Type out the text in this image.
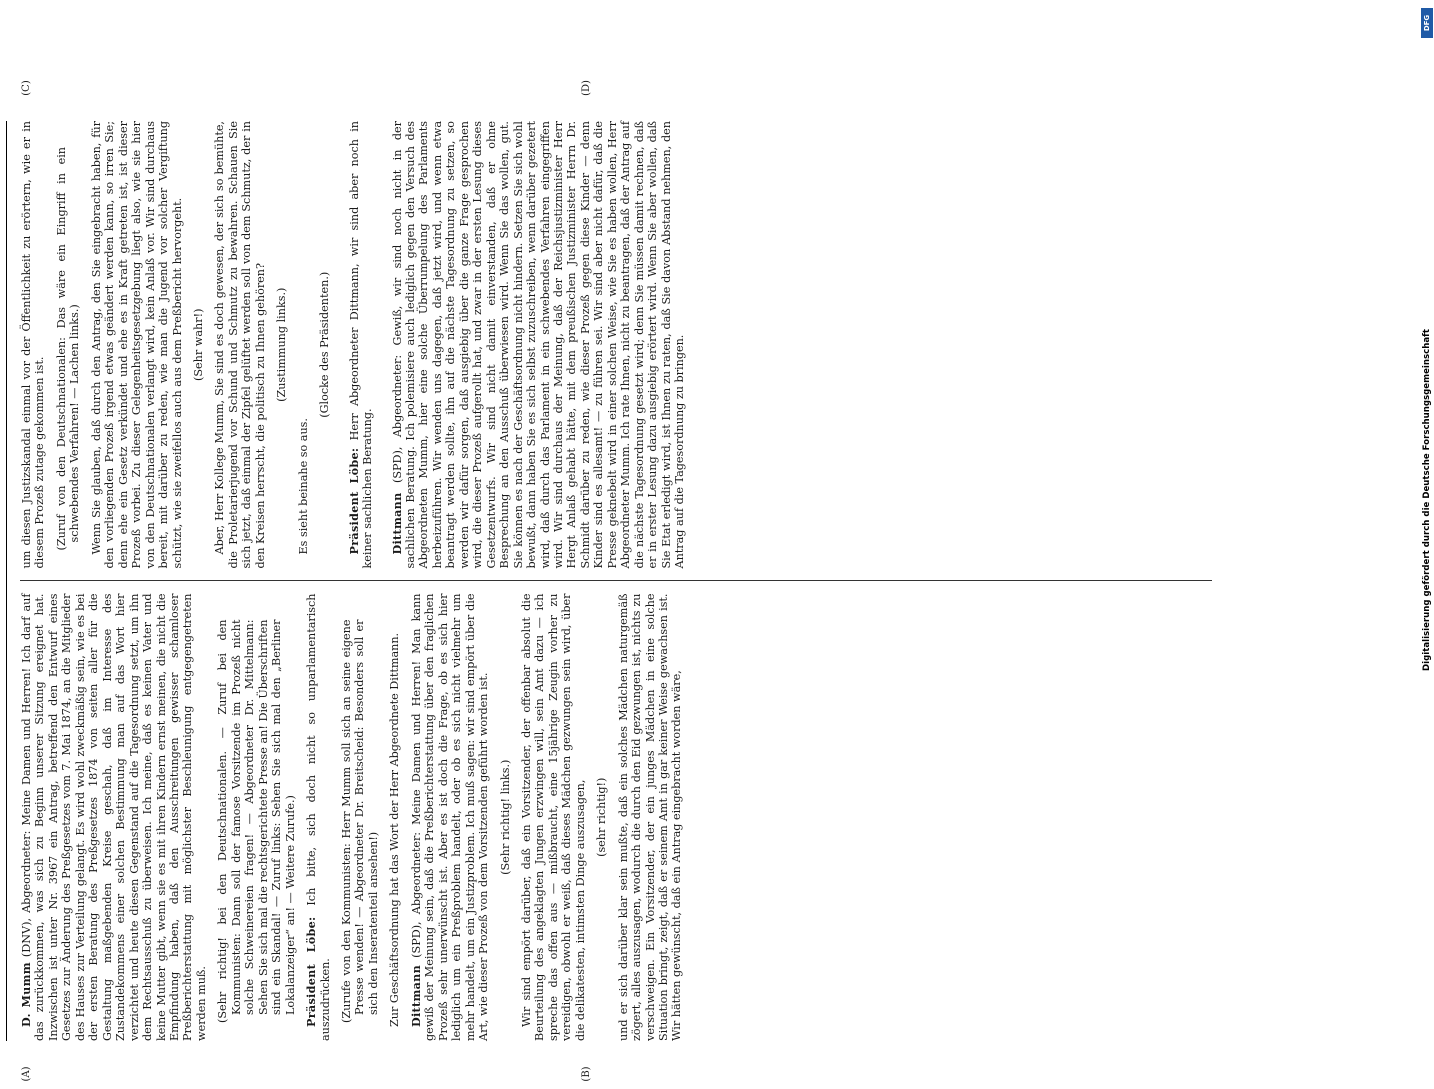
(A)	(B)

D. Mumm (DNV), Abgeordneter: Meine Damen und Herren! Ich darf auf das zurückkommen, was sich zu Beginn unserer Sitzung ereignet hat. Inzwischen ist unter Nr. 3967 ein Antrag, betreffend den Entwurf eines Gesetzes zur Änderung des Preßgesetzes vom 7. Mai 1874, an die Mitglieder des Hauses zur Verteilung gelangt. Es wird wohl zweckmäßig sein, wie es bei der ersten Beratung des Preßgesetzes 1874 von seiten aller für die Gestaltung maßgebenden Kreise geschah, daß im Interesse des Zustandekommens einer solchen Bestimmung man auf das Wort hier verzichtet und heute diesen Gegenstand auf die Tagesordnung setzt, um ihn dem Rechtsausschuß zu überweisen. Ich meine, daß es keinen Vater und keine Mutter gibt, wenn sie es mit ihren Kindern ernst meinen, die nicht die Empfindung haben, daß den Ausschreitungen gewisser schamloser Preßberichterstattung mit möglichster Beschleunigung entgegengetreten werden muß. (Sehr richtig! bei den Deutschnationalen. — Zuruf bei den Kommunisten: Dann soll der famose Vorsitzende im Prozeß nicht solche Schweinereien fragen! — Abgeordneter Dr. Mittelmann: Sehen Sie sich mal die rechtsgerichtete Presse an! Die Überschriften sind ein Skandal! — Zuruf links: Sehen Sie sich mal den „Berliner Lokalanzeiger“ an! — Weitere Zurufe.) Präsident Löbe: Ich bitte, sich doch nicht so unparlamentarisch auszudrücken. (Zurufe von den Kommunisten: Herr Mumm soll sich an seine eigene Presse wenden! — Abgeordneter Dr. Breitscheid: Besonders soll er sich den Inseratenteil ansehen!) Zur Geschäftsordnung hat das Wort der Herr Abgeordnete Dittmann. Dittmann (SPD), Abgeordneter: Meine Damen und Herren! Man kann gewiß der Meinung sein, daß die Preßberichterstattung über den fraglichen Prozeß sehr unerwünscht ist. Aber es ist doch die Frage, ob es sich hier lediglich um ein Preßproblem handelt, oder ob es sich nicht vielmehr um mehr handelt, um ein Justizproblem. Ich muß sagen: wir sind empört über die Art, wie dieser Prozeß von dem Vorsitzenden geführt worden ist. (Sehr richtig! links.) Wir sind empört darüber, daß ein Vorsitzender, der offenbar absolut die Beurteilung des angeklagten Jungen erzwingen will, sein Amt dazu — ich spreche das offen aus — mißbraucht, eine 15jährige Zeugin vorher zu vereidigen, obwohl er weiß, daß dieses Mädchen gezwungen sein wird, über die delikatesten, intimsten Dinge auszusagen, (sehr richtig!) und er sich darüber klar sein mußte, daß ein solches Mädchen naturgemäß zögert, alles auszusagen, wodurch die durch den Eid gezwungen ist, nichts zu verschweigen. Ein Vorsitzender, der ein junges Mädchen in eine solche Situation bringt, zeigt, daß er seinem Amt in gar keiner Weise gewachsen ist. Wir hätten gewünscht, daß ein Antrag eingebracht worden wäre,

(C)	(D)

um diesen Justizskandal einmal vor der Öffentlichkeit zu erörtern, wie er in diesem Prozeß zutage gekommen ist. (Zuruf von den Deutschnationalen: Das wäre ein Eingriff in ein schwebendes Verfahren! — Lachen links.) Wenn Sie glauben, daß durch den Antrag, den Sie eingebracht haben, für den vorliegenden Prozeß irgend etwas geändert werden kann, so irren Sie; denn ehe ein Gesetz verkündet und ehe es in Kraft getreten ist, ist dieser Prozeß vorbei. Zu dieser Gelegenheitsgesetzgebung liegt also, wie sie hier von den Deutschnationalen verlangt wird, kein Anlaß vor. Wir sind durchaus bereit, mit darüber zu reden, wie man die Jugend vor solcher Vergiftung schützt, wie sie zweifellos auch aus dem Preßbericht hervorgeht. (Sehr wahr!) Aber, Herr Kollege Mumm, Sie sind es doch gewesen, der sich so bemühte, die Proletarierjugend vor Schund und Schmutz zu bewahren. Schauen Sie sich jetzt, daß einmal der Zipfel gelüftet werden soll von dem Schmutz, der in den Kreisen herrscht, die politisch zu Ihnen gehören? (Zustimmung links.)

Es sieht beinahe so aus.

(Glocke des Präsidenten.)

Präsident Löbe: Herr Abgeordneter Dittmann, wir sind aber noch in keiner sachlichen Beratung. Dittmann (SPD), Abgeordneter: Gewiß, wir sind noch nicht in der sachlichen Beratung. Ich polemisiere auch lediglich gegen den Versuch des Abgeordneten Mumm, hier eine solche Überrumpelung des Parlaments herbeizuführen. Wir wenden uns dagegen, daß jetzt wird, und wenn etwa beantragt werden sollte, ihn auf die nächste Tagesordnung zu setzen, so werden wir dafür sorgen, daß ausgiebig über die ganze Frage gesprochen wird, die dieser Prozeß aufgerollt hat, und zwar in der ersten Lesung dieses Gesetzentwurfs. Wir sind nicht damit einverstanden, daß er ohne Besprechung an den Ausschuß überwiesen wird. Wenn Sie das wollen, gut. Sie können es nach der Geschäftsordnung nicht hindern. Setzen Sie sich wohl bewußt, dann haben Sie es sich selbst zuzuschreiben, wenn darüber gezetert wird, daß durch das Parlament in ein schwebendes Verfahren eingegriffen wird. Wir sind durchaus der Meinung, daß der Reichsjustizminister Herr Hergt Anlaß gehabt hätte, mit dem preußischen Justizminister Herrn Dr. Schmidt darüber zu reden, wie dieser Prozeß gegen diese Kinder — denn Kinder sind es allesamt! — zu führen sei. Wir sind aber nicht dafür, daß die Presse geknebelt wird in einer solchen Weise, wie Sie es haben wollen, Herr Abgeordneter Mumm. Ich rate Ihnen, nicht zu beantragen, daß der Antrag auf die nächste Tagesordnung gesetzt wird; denn Sie müssen damit rechnen, daß er in erster Lesung dazu ausgiebig erörtert wird. Wenn Sie aber wollen, daß Sie Etat erledigt wird, ist Ihnen zu raten, daß Sie davon Abstand nehmen, den Antrag auf die Tagesordnung zu bringen.

DFG
Digitalisierung gefördert durch die Deutsche Forschungsgemeinschaft
